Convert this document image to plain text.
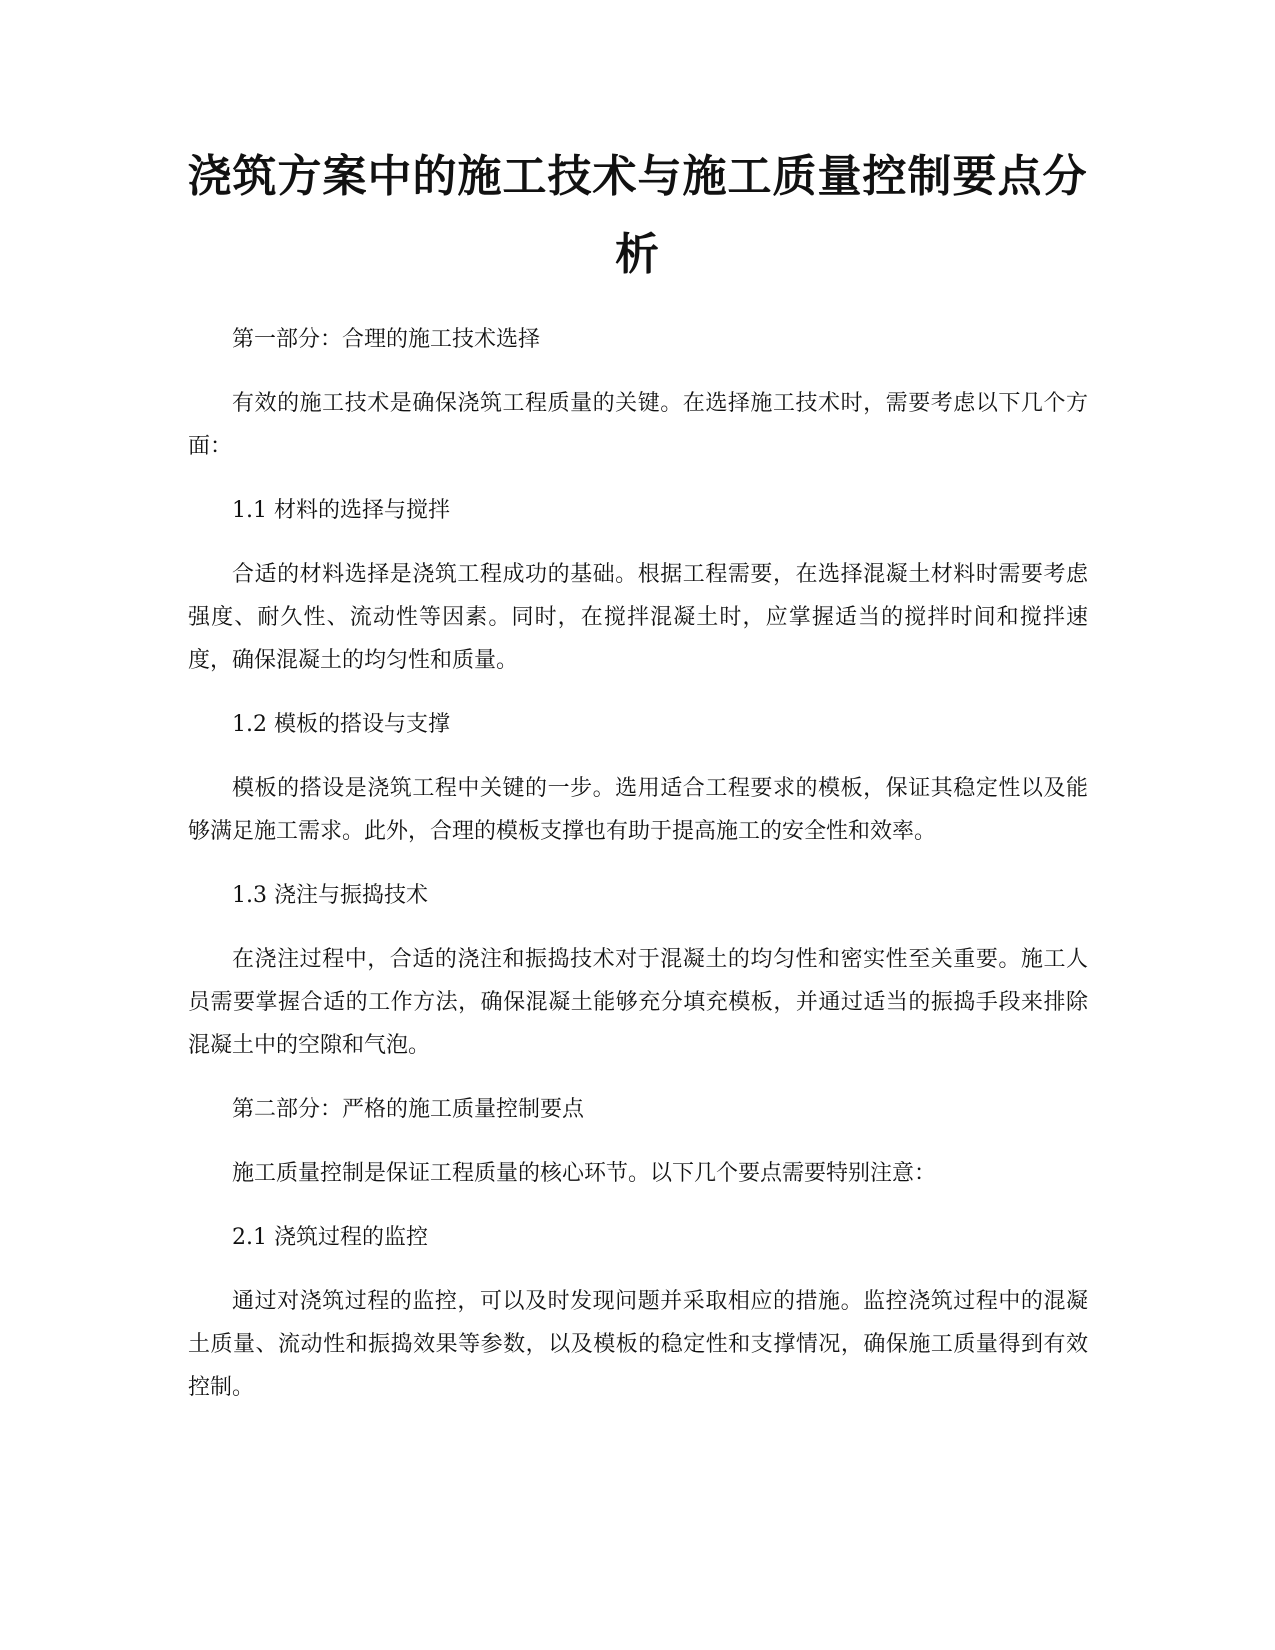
浇筑方案中的施工技术与施工质量控制要点分析

第一部分：合理的施工技术选择

有效的施工技术是确保浇筑工程质量的关键。在选择施工技术时，需要考虑以下几个方面：

1.1 材料的选择与搅拌

合适的材料选择是浇筑工程成功的基础。根据工程需要，在选择混凝土材料时需要考虑强度、耐久性、流动性等因素。同时，在搅拌混凝土时，应掌握适当的搅拌时间和搅拌速度，确保混凝土的均匀性和质量。

1.2 模板的搭设与支撑

模板的搭设是浇筑工程中关键的一步。选用适合工程要求的模板，保证其稳定性以及能够满足施工需求。此外，合理的模板支撑也有助于提高施工的安全性和效率。

1.3 浇注与振捣技术

在浇注过程中，合适的浇注和振捣技术对于混凝土的均匀性和密实性至关重要。施工人员需要掌握合适的工作方法，确保混凝土能够充分填充模板，并通过适当的振捣手段来排除混凝土中的空隙和气泡。

第二部分：严格的施工质量控制要点

施工质量控制是保证工程质量的核心环节。以下几个要点需要特别注意：

2.1 浇筑过程的监控

通过对浇筑过程的监控，可以及时发现问题并采取相应的措施。监控浇筑过程中的混凝土质量、流动性和振捣效果等参数，以及模板的稳定性和支撑情况，确保施工质量得到有效控制。
